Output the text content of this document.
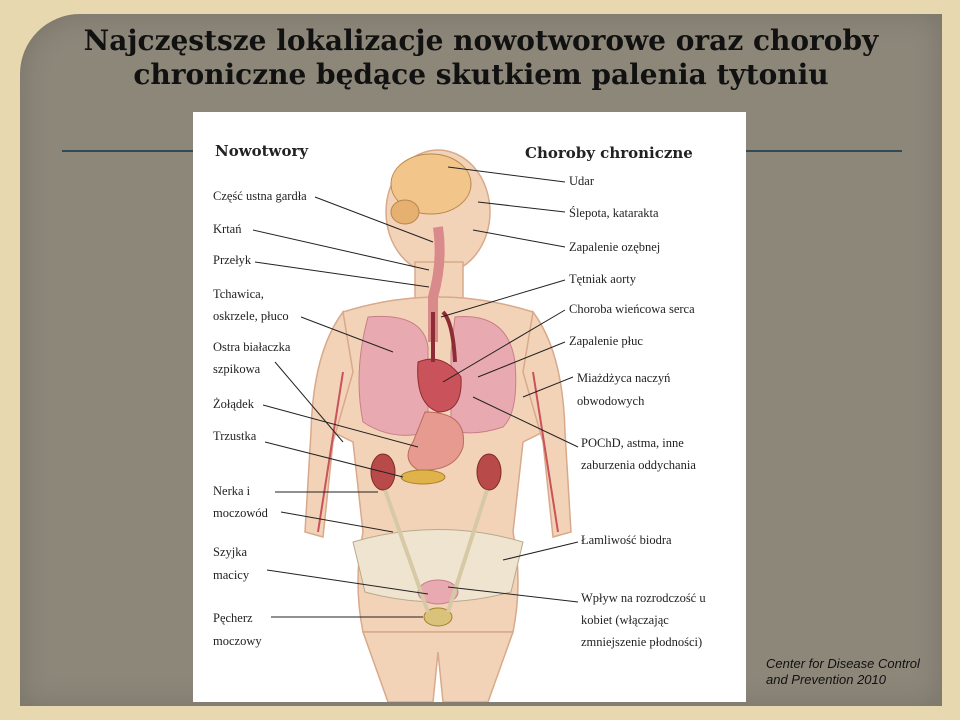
Najczęstsze lokalizacje nowotworowe oraz choroby
chroniczne będące skutkiem palenia tytoniu
Nowotwory	Choroby chroniczne
Część ustna gardła
Krtań
Przełyk
Tchawica,
oskrzele, płuco
Ostra białaczka
szpikowa
Żołądek
Trzustka
Nerka i
moczowód
Szyjka
macicy
Pęcherz
moczowy
Udar
Ślepota, katarakta
Zapalenie ozębnej
Tętniak aorty
Choroba wieńcowa serca
Zapalenie płuc
Miażdżyca naczyń
obwodowych
POChD, astma, inne
zaburzenia oddychania
Łamliwość biodra
Wpływ na rozrodczość u
kobiet (włączając
zmniejszenie płodności)
Center for Disease Control
and Prevention 2010
